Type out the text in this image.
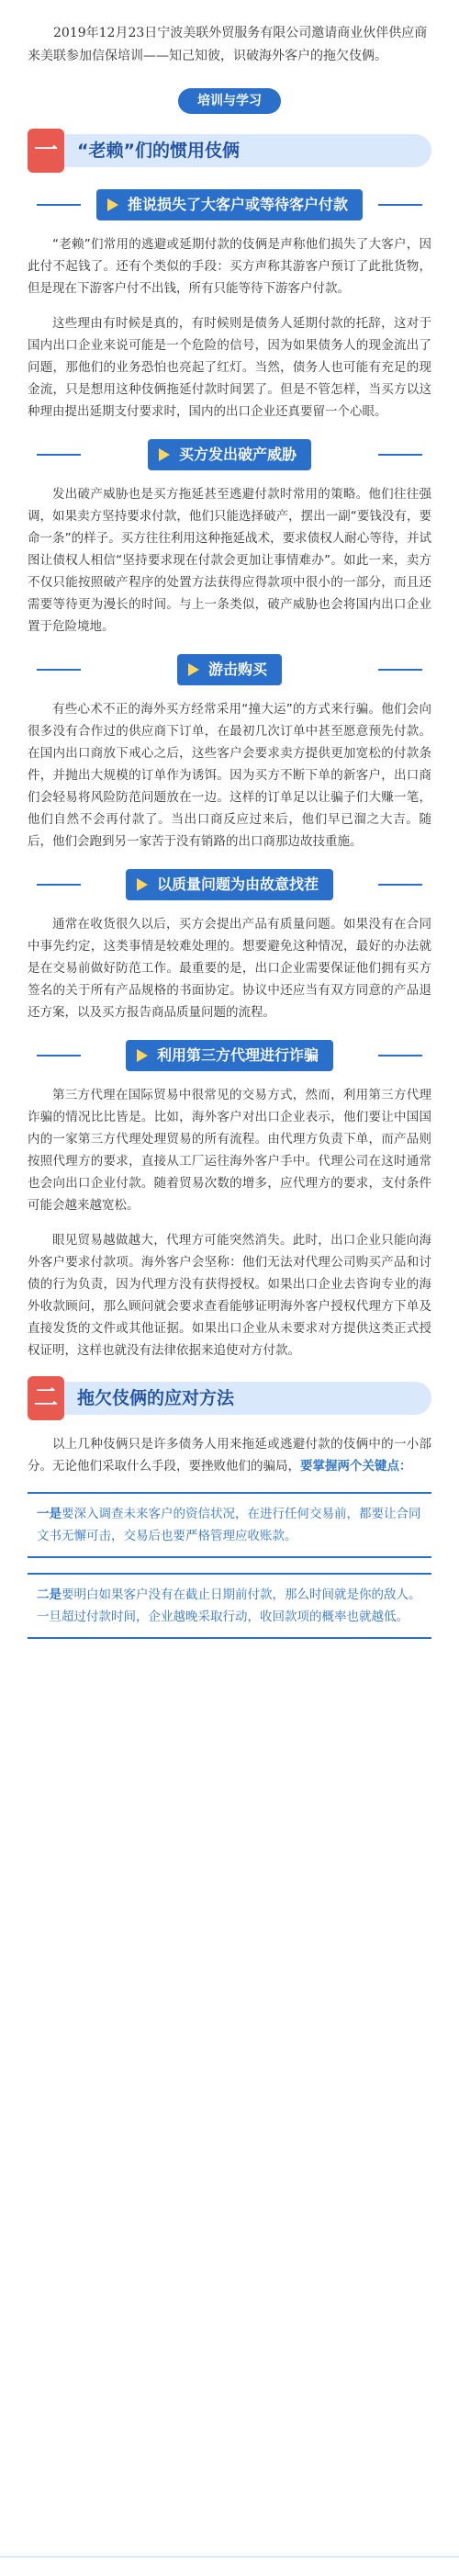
2019年12月23日宁波美联外贸服务有限公司邀请商业伙伴供应商来美联参加信保培训——知己知彼，识破海外客户的拖欠伎俩。
培训与学习
一	“老赖”们的惯用伎俩
推说损失了大客户或等待客户付款
“老赖”们常用的逃避或延期付款的伎俩是声称他们损失了大客户，因此付不起钱了。还有个类似的手段：买方声称其游客户预订了此批货物，但是现在下游客户付不出钱，所有只能等待下游客户付款。
这些理由有时候是真的，有时候则是债务人延期付款的托辞，这对于国内出口企业来说可能是一个危险的信号，因为如果债务人的现金流出了问题，那他们的业务恐怕也亮起了红灯。当然，债务人也可能有充足的现金流，只是想用这种伎俩拖延付款时间罢了。但是不管怎样，当买方以这种理由提出延期支付要求时，国内的出口企业还真要留一个心眼。
买方发出破产威胁
发出破产威胁也是买方拖延甚至逃避付款时常用的策略。他们往往强调，如果卖方坚持要求付款，他们只能选择破产，摆出一副“要钱没有，要命一条”的样子。买方往往利用这种拖延战术，要求债权人耐心等待，并试图让债权人相信“坚持要求现在付款会更加让事情难办”。如此一来，卖方不仅只能按照破产程序的处置方法获得应得款项中很小的一部分，而且还需要等待更为漫长的时间。与上一条类似，破产威胁也会将国内出口企业置于危险境地。
游击购买
有些心术不正的海外买方经常采用“撞大运”的方式来行骗。他们会向很多没有合作过的供应商下订单，在最初几次订单中甚至愿意预先付款。在国内出口商放下戒心之后，这些客户会要求卖方提供更加宽松的付款条件，并抛出大规模的订单作为诱饵。因为买方不断下单的新客户，出口商们会轻易将风险防范问题放在一边。这样的订单足以让骗子们大赚一笔，他们自然不会再付款了。当出口商反应过来后，他们早已溜之大吉。随后，他们会跑到另一家苦于没有销路的出口商那边故技重施。
以质量问题为由故意找茬
通常在收货很久以后，买方会提出产品有质量问题。如果没有在合同中事先约定，这类事情是较难处理的。想要避免这种情况，最好的办法就是在交易前做好防范工作。最重要的是，出口企业需要保证他们拥有买方签名的关于所有产品规格的书面协定。协议中还应当有双方同意的产品退还方案，以及买方报告商品质量问题的流程。
利用第三方代理进行诈骗
第三方代理在国际贸易中很常见的交易方式，然而，利用第三方代理诈骗的情况比比皆是。比如，海外客户对出口企业表示，他们要让中国国内的一家第三方代理处理贸易的所有流程。由代理方负责下单，而产品则按照代理方的要求，直接从工厂运往海外客户手中。代理公司在这时通常也会向出口企业付款。随着贸易次数的增多，应代理方的要求，支付条件可能会越来越宽松。
眼见贸易越做越大，代理方可能突然消失。此时，出口企业只能向海外客户要求付款项。海外客户会坚称：他们无法对代理公司购买产品和讨债的行为负责，因为代理方没有获得授权。如果出口企业去咨询专业的海外收款顾问，那么顾问就会要求查看能够证明海外客户授权代理方下单及直接发货的文件或其他证据。如果出口企业从未要求对方提供这类正式授权证明，这样也就没有法律依据来追使对方付款。
二	拖欠伎俩的应对方法
以上几种伎俩只是许多债务人用来拖延或逃避付款的伎俩中的一小部分。无论他们采取什么手段，要挫败他们的骗局，要掌握两个关键点：
一是要深入调查未来客户的资信状况，在进行任何交易前，都要让合同文书无懈可击，交易后也要严格管理应收账款。
二是要明白如果客户没有在截止日期前付款，那么时间就是你的敌人。一旦超过付款时间，企业越晚采取行动，收回款项的概率也就越低。
